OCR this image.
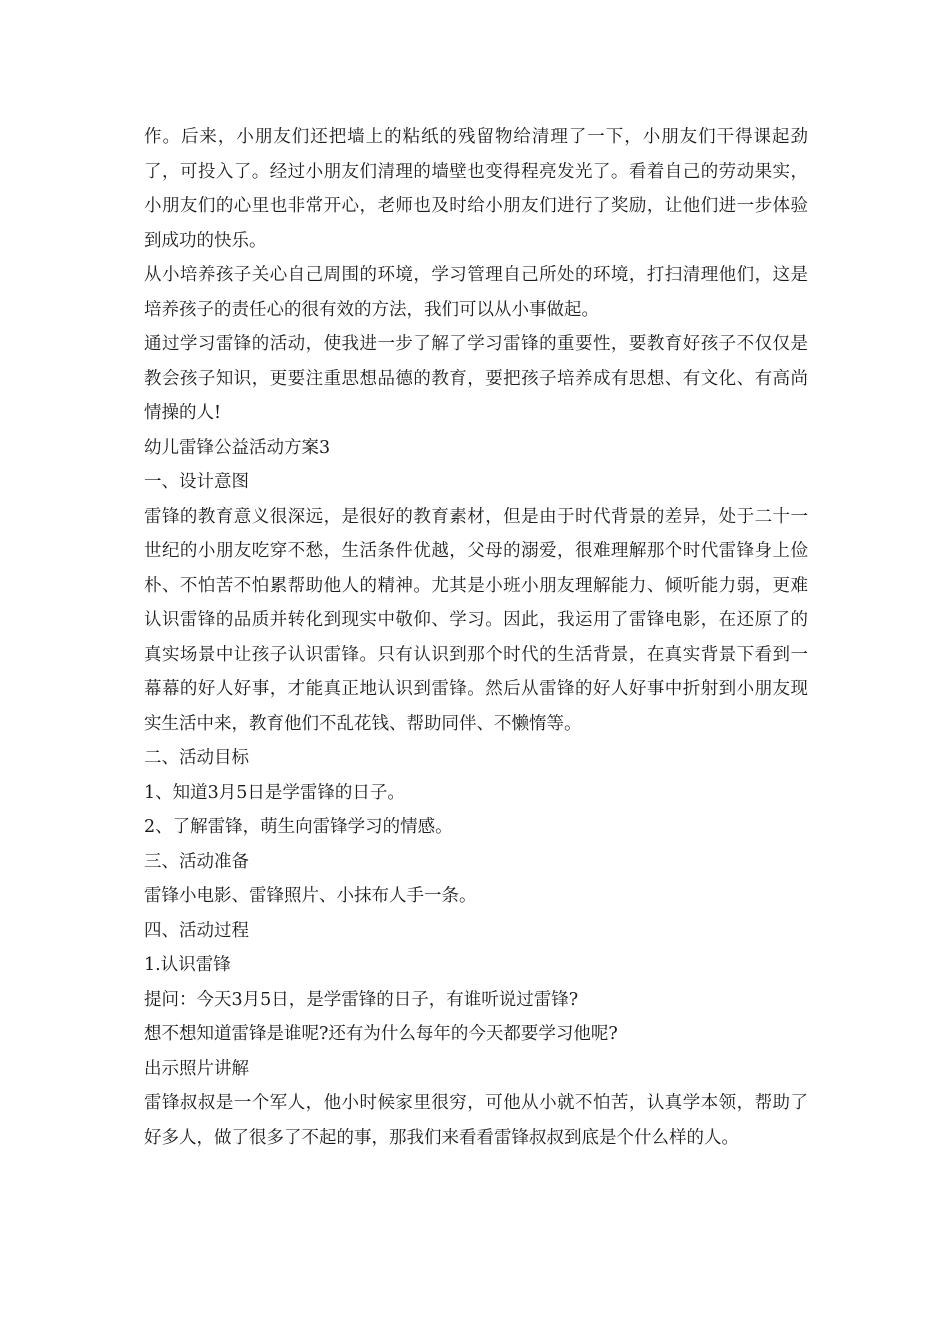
作。后来，小朋友们还把墙上的粘纸的残留物给清理了一下，小朋友们干得课起劲了，可投入了。经过小朋友们清理的墙壁也变得程亮发光了。看着自己的劳动果实，小朋友们的心里也非常开心，老师也及时给小朋友们进行了奖励，让他们进一步体验到成功的快乐。

从小培养孩子关心自己周围的环境，学习管理自己所处的环境，打扫清理他们，这是培养孩子的责任心的很有效的方法，我们可以从小事做起。

通过学习雷锋的活动，使我进一步了解了学习雷锋的重要性，要教育好孩子不仅仅是教会孩子知识，更要注重思想品德的教育，要把孩子培养成有思想、有文化、有高尚情操的人!

幼儿雷锋公益活动方案3

一、设计意图

雷锋的教育意义很深远，是很好的教育素材，但是由于时代背景的差异，处于二十一世纪的小朋友吃穿不愁，生活条件优越，父母的溺爱，很难理解那个时代雷锋身上俭朴、不怕苦不怕累帮助他人的精神。尤其是小班小朋友理解能力、倾听能力弱，更难认识雷锋的品质并转化到现实中敬仰、学习。因此，我运用了雷锋电影，在还原了的真实场景中让孩子认识雷锋。只有认识到那个时代的生活背景，在真实背景下看到一幕幕的好人好事，才能真正地认识到雷锋。然后从雷锋的好人好事中折射到小朋友现实生活中来，教育他们不乱花钱、帮助同伴、不懒惰等。

二、活动目标

1、知道3月5日是学雷锋的日子。

2、了解雷锋，萌生向雷锋学习的情感。

三、活动准备

雷锋小电影、雷锋照片、小抹布人手一条。

四、活动过程

1.认识雷锋

提问：今天3月5日，是学雷锋的日子，有谁听说过雷锋?

想不想知道雷锋是谁呢?还有为什么每年的今天都要学习他呢?

出示照片讲解

雷锋叔叔是一个军人，他小时候家里很穷，可他从小就不怕苦，认真学本领，帮助了好多人，做了很多了不起的事，那我们来看看雷锋叔叔到底是个什么样的人。
